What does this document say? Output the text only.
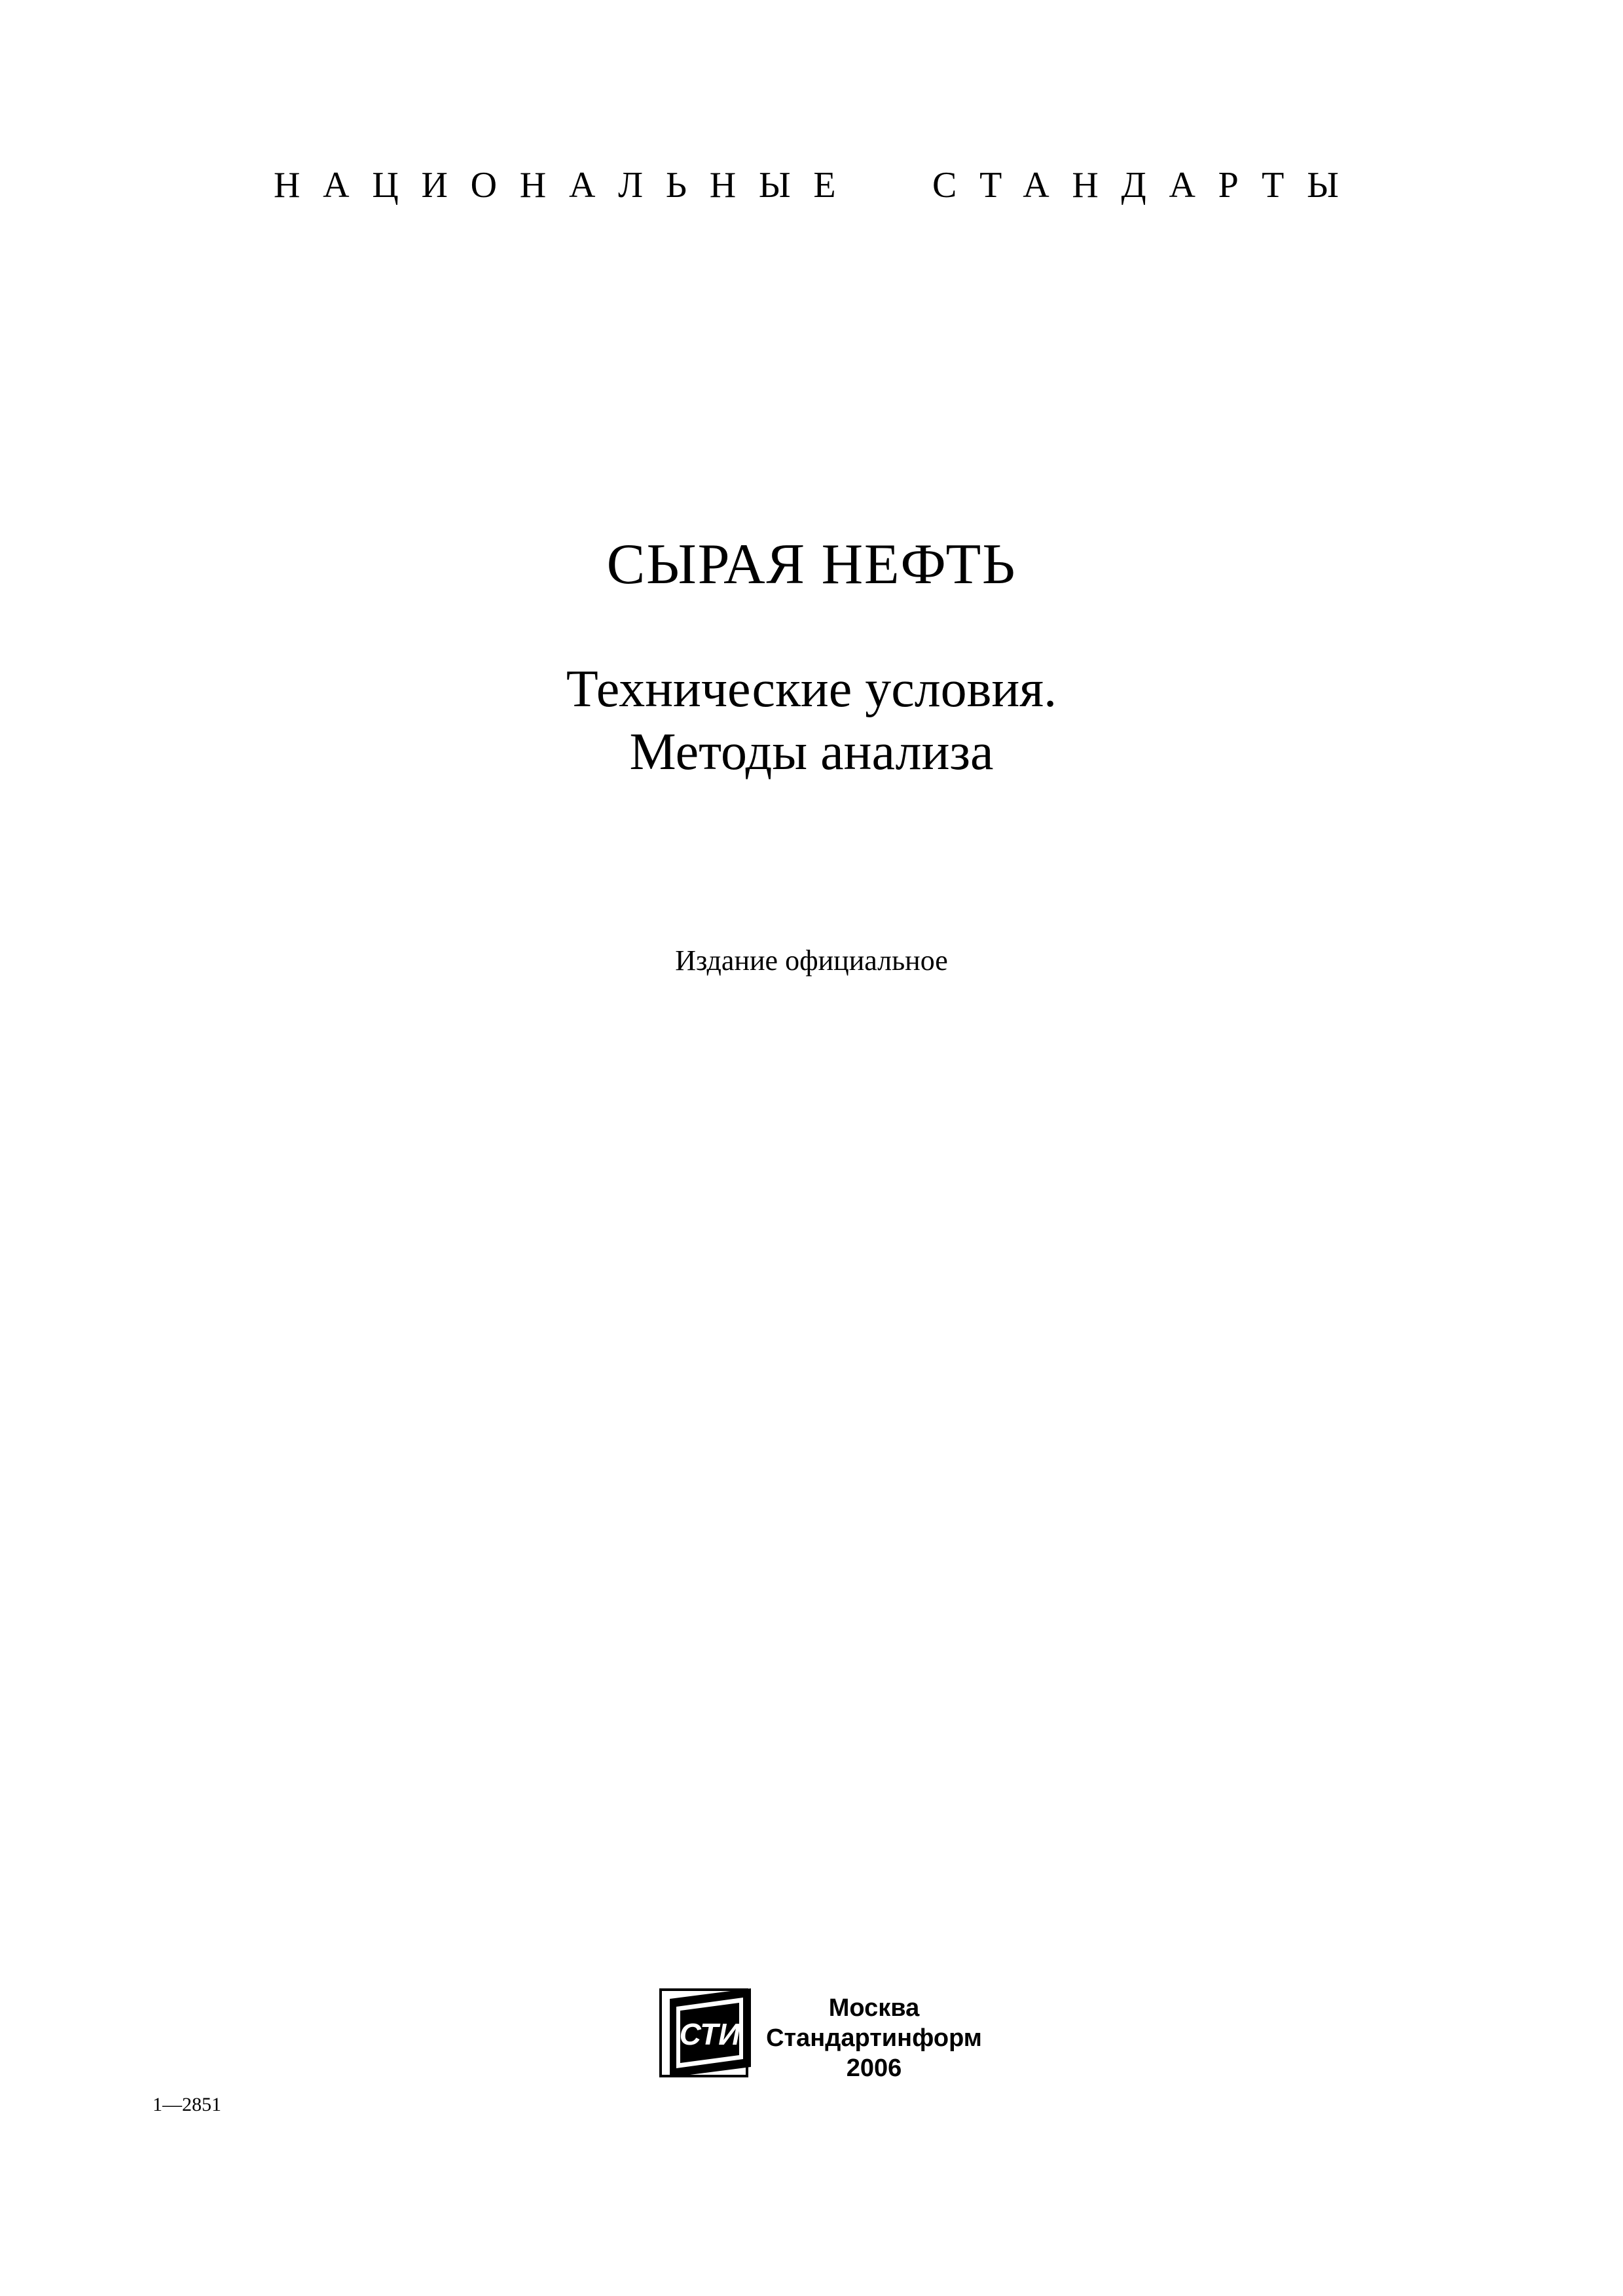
НАЦИОНАЛЬНЫЕ СТАНДАРТЫ
СЫРАЯ НЕФТЬ
Технические условия.
Методы анализа
Издание официальное
СТИ
Москва
Стандартинформ
2006
1—2851
